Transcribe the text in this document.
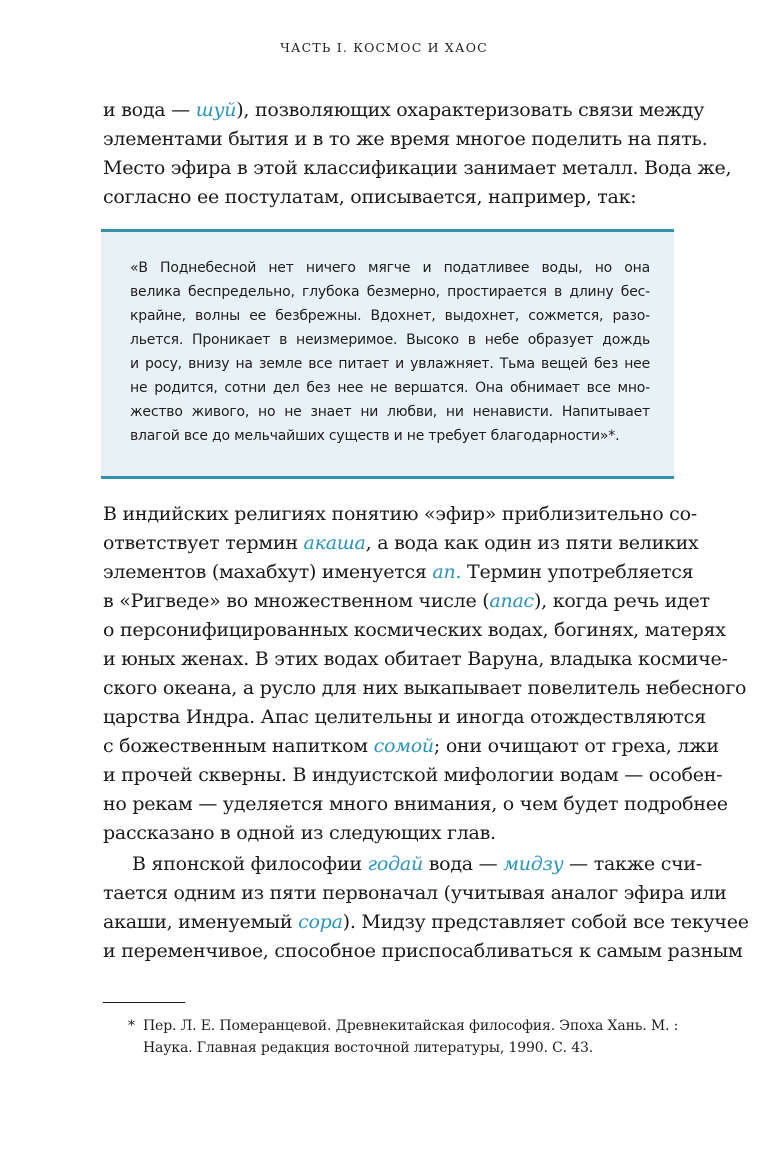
ЧАСТЬ I. КОСМОС И ХАОС
и вода — шуй), позволяющих охарактеризовать связи между
элементами бытия и в то же время многое поделить на пять.
Место эфира в этой классификации занимает металл. Вода же,
согласно ее постулатам, описывается, например, так:
«В Поднебесной нет ничего мягче и податливее воды, но она
велика беспредельно, глубока безмерно, простирается в длину бес-
крайне, волны ее безбрежны. Вдохнет, выдохнет, сожмется, разо-
льется. Проникает в неизмеримое. Высоко в небе образует дождь
и росу, внизу на земле все питает и увлажняет. Тьма вещей без нее
не родится, сотни дел без нее не вершатся. Она обнимает все мно-
жество живого, но не знает ни любви, ни ненависти. Напитывает
влагой все до мельчайших существ и не требует благодарности»*.
В индийских религиях понятию «эфир» приблизительно со-
ответствует термин акаша, а вода как один из пяти великих
элементов (махабхут) именуется ап. Термин употребляется
в «Ригведе» во множественном числе (апас), когда речь идет
о персонифицированных космических водах, богинях, матерях
и юных женах. В этих водах обитает Варуна, владыка космиче-
ского океана, а русло для них выкапывает повелитель небесного
царства Индра. Апас целительны и иногда отождествляются
с божественным напитком сомой; они очищают от греха, лжи
и прочей скверны. В индуистской мифологии водам — особен-
но рекам — уделяется много внимания, о чем будет подробнее
рассказано в одной из следующих глав.
В японской философии годай вода — мидзу — также счи-
тается одним из пяти первоначал (учитывая аналог эфира или
акаши, именуемый сора). Мидзу представляет собой все текучее
и переменчивое, способное приспосабливаться к самым разным
* Пер. Л. Е. Померанцевой. Древнекитайская философия. Эпоха Хань. М. :
Наука. Главная редакция восточной литературы, 1990. С. 43.
